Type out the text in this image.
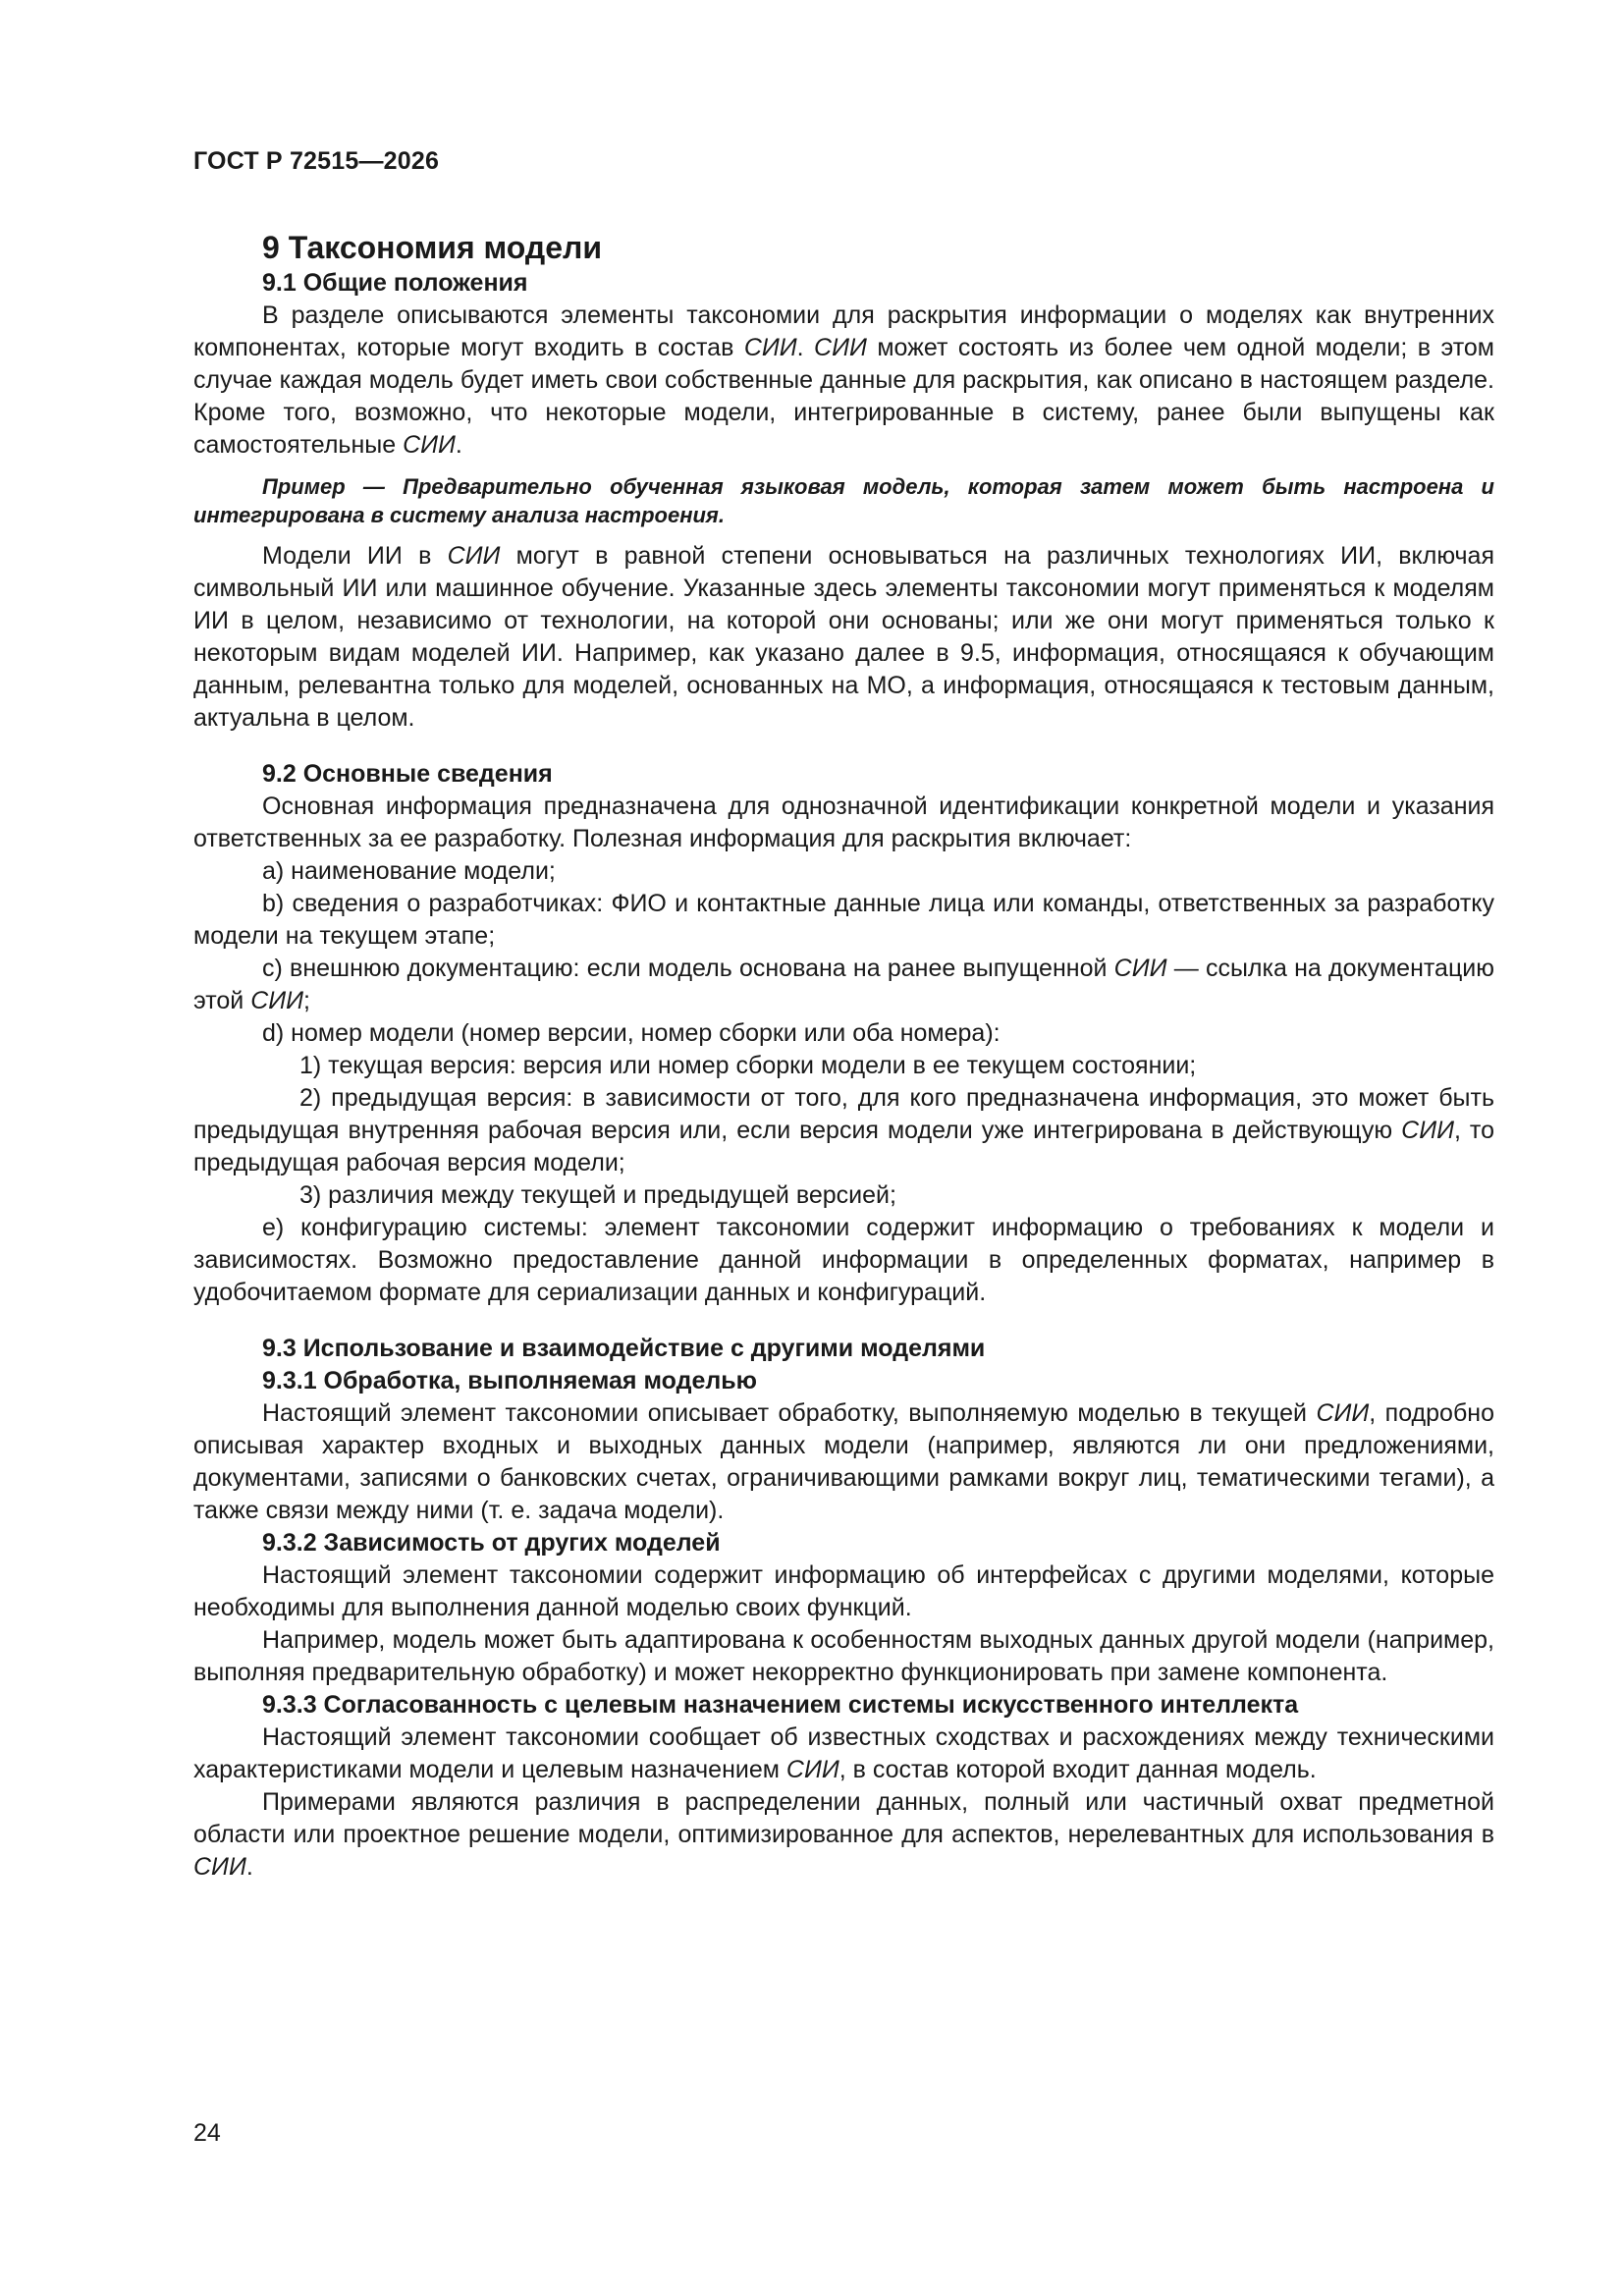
ГОСТ Р 72515—2026

9 Таксономия модели

9.1 Общие положения

В разделе описываются элементы таксономии для раскрытия информации о моделях как внутренних компонентах, которые могут входить в состав СИИ. СИИ может состоять из более чем одной модели; в этом случае каждая модель будет иметь свои собственные данные для раскрытия, как описано в настоящем разделе. Кроме того, возможно, что некоторые модели, интегрированные в систему, ранее были выпущены как самостоятельные СИИ.

Пример — Предварительно обученная языковая модель, которая затем может быть настроена и интегрирована в систему анализа настроения.

Модели ИИ в СИИ могут в равной степени основываться на различных технологиях ИИ, включая символьный ИИ или машинное обучение. Указанные здесь элементы таксономии могут применяться к моделям ИИ в целом, независимо от технологии, на которой они основаны; или же они могут применяться только к некоторым видам моделей ИИ. Например, как указано далее в 9.5, информация, относящаяся к обучающим данным, релевантна только для моделей, основанных на МО, а информация, относящаяся к тестовым данным, актуальна в целом.

9.2 Основные сведения

Основная информация предназначена для однозначной идентификации конкретной модели и указания ответственных за ее разработку. Полезная информация для раскрытия включает:

а) наименование модели;

b) сведения о разработчиках: ФИО и контактные данные лица или команды, ответственных за разработку модели на текущем этапе;

с) внешнюю документацию: если модель основана на ранее выпущенной СИИ — ссылка на документацию этой СИИ;

d) номер модели (номер версии, номер сборки или оба номера):

1) текущая версия: версия или номер сборки модели в ее текущем состоянии;

2) предыдущая версия: в зависимости от того, для кого предназначена информация, это может быть предыдущая внутренняя рабочая версия или, если версия модели уже интегрирована в действующую СИИ, то предыдущая рабочая версия модели;

3) различия между текущей и предыдущей версией;

е) конфигурацию системы: элемент таксономии содержит информацию о требованиях к модели и зависимостях. Возможно предоставление данной информации в определенных форматах, например в удобочитаемом формате для сериализации данных и конфигураций.

9.3 Использование и взаимодействие с другими моделями

9.3.1 Обработка, выполняемая моделью

Настоящий элемент таксономии описывает обработку, выполняемую моделью в текущей СИИ, подробно описывая характер входных и выходных данных модели (например, являются ли они предложениями, документами, записями о банковских счетах, ограничивающими рамками вокруг лиц, тематическими тегами), а также связи между ними (т. е. задача модели).

9.3.2 Зависимость от других моделей

Настоящий элемент таксономии содержит информацию об интерфейсах с другими моделями, которые необходимы для выполнения данной моделью своих функций.

Например, модель может быть адаптирована к особенностям выходных данных другой модели (например, выполняя предварительную обработку) и может некорректно функционировать при замене компонента.

9.3.3 Согласованность с целевым назначением системы искусственного интеллекта

Настоящий элемент таксономии сообщает об известных сходствах и расхождениях между техническими характеристиками модели и целевым назначением СИИ, в состав которой входит данная модель.

Примерами являются различия в распределении данных, полный или частичный охват предметной области или проектное решение модели, оптимизированное для аспектов, нерелевантных для использования в СИИ.

24
